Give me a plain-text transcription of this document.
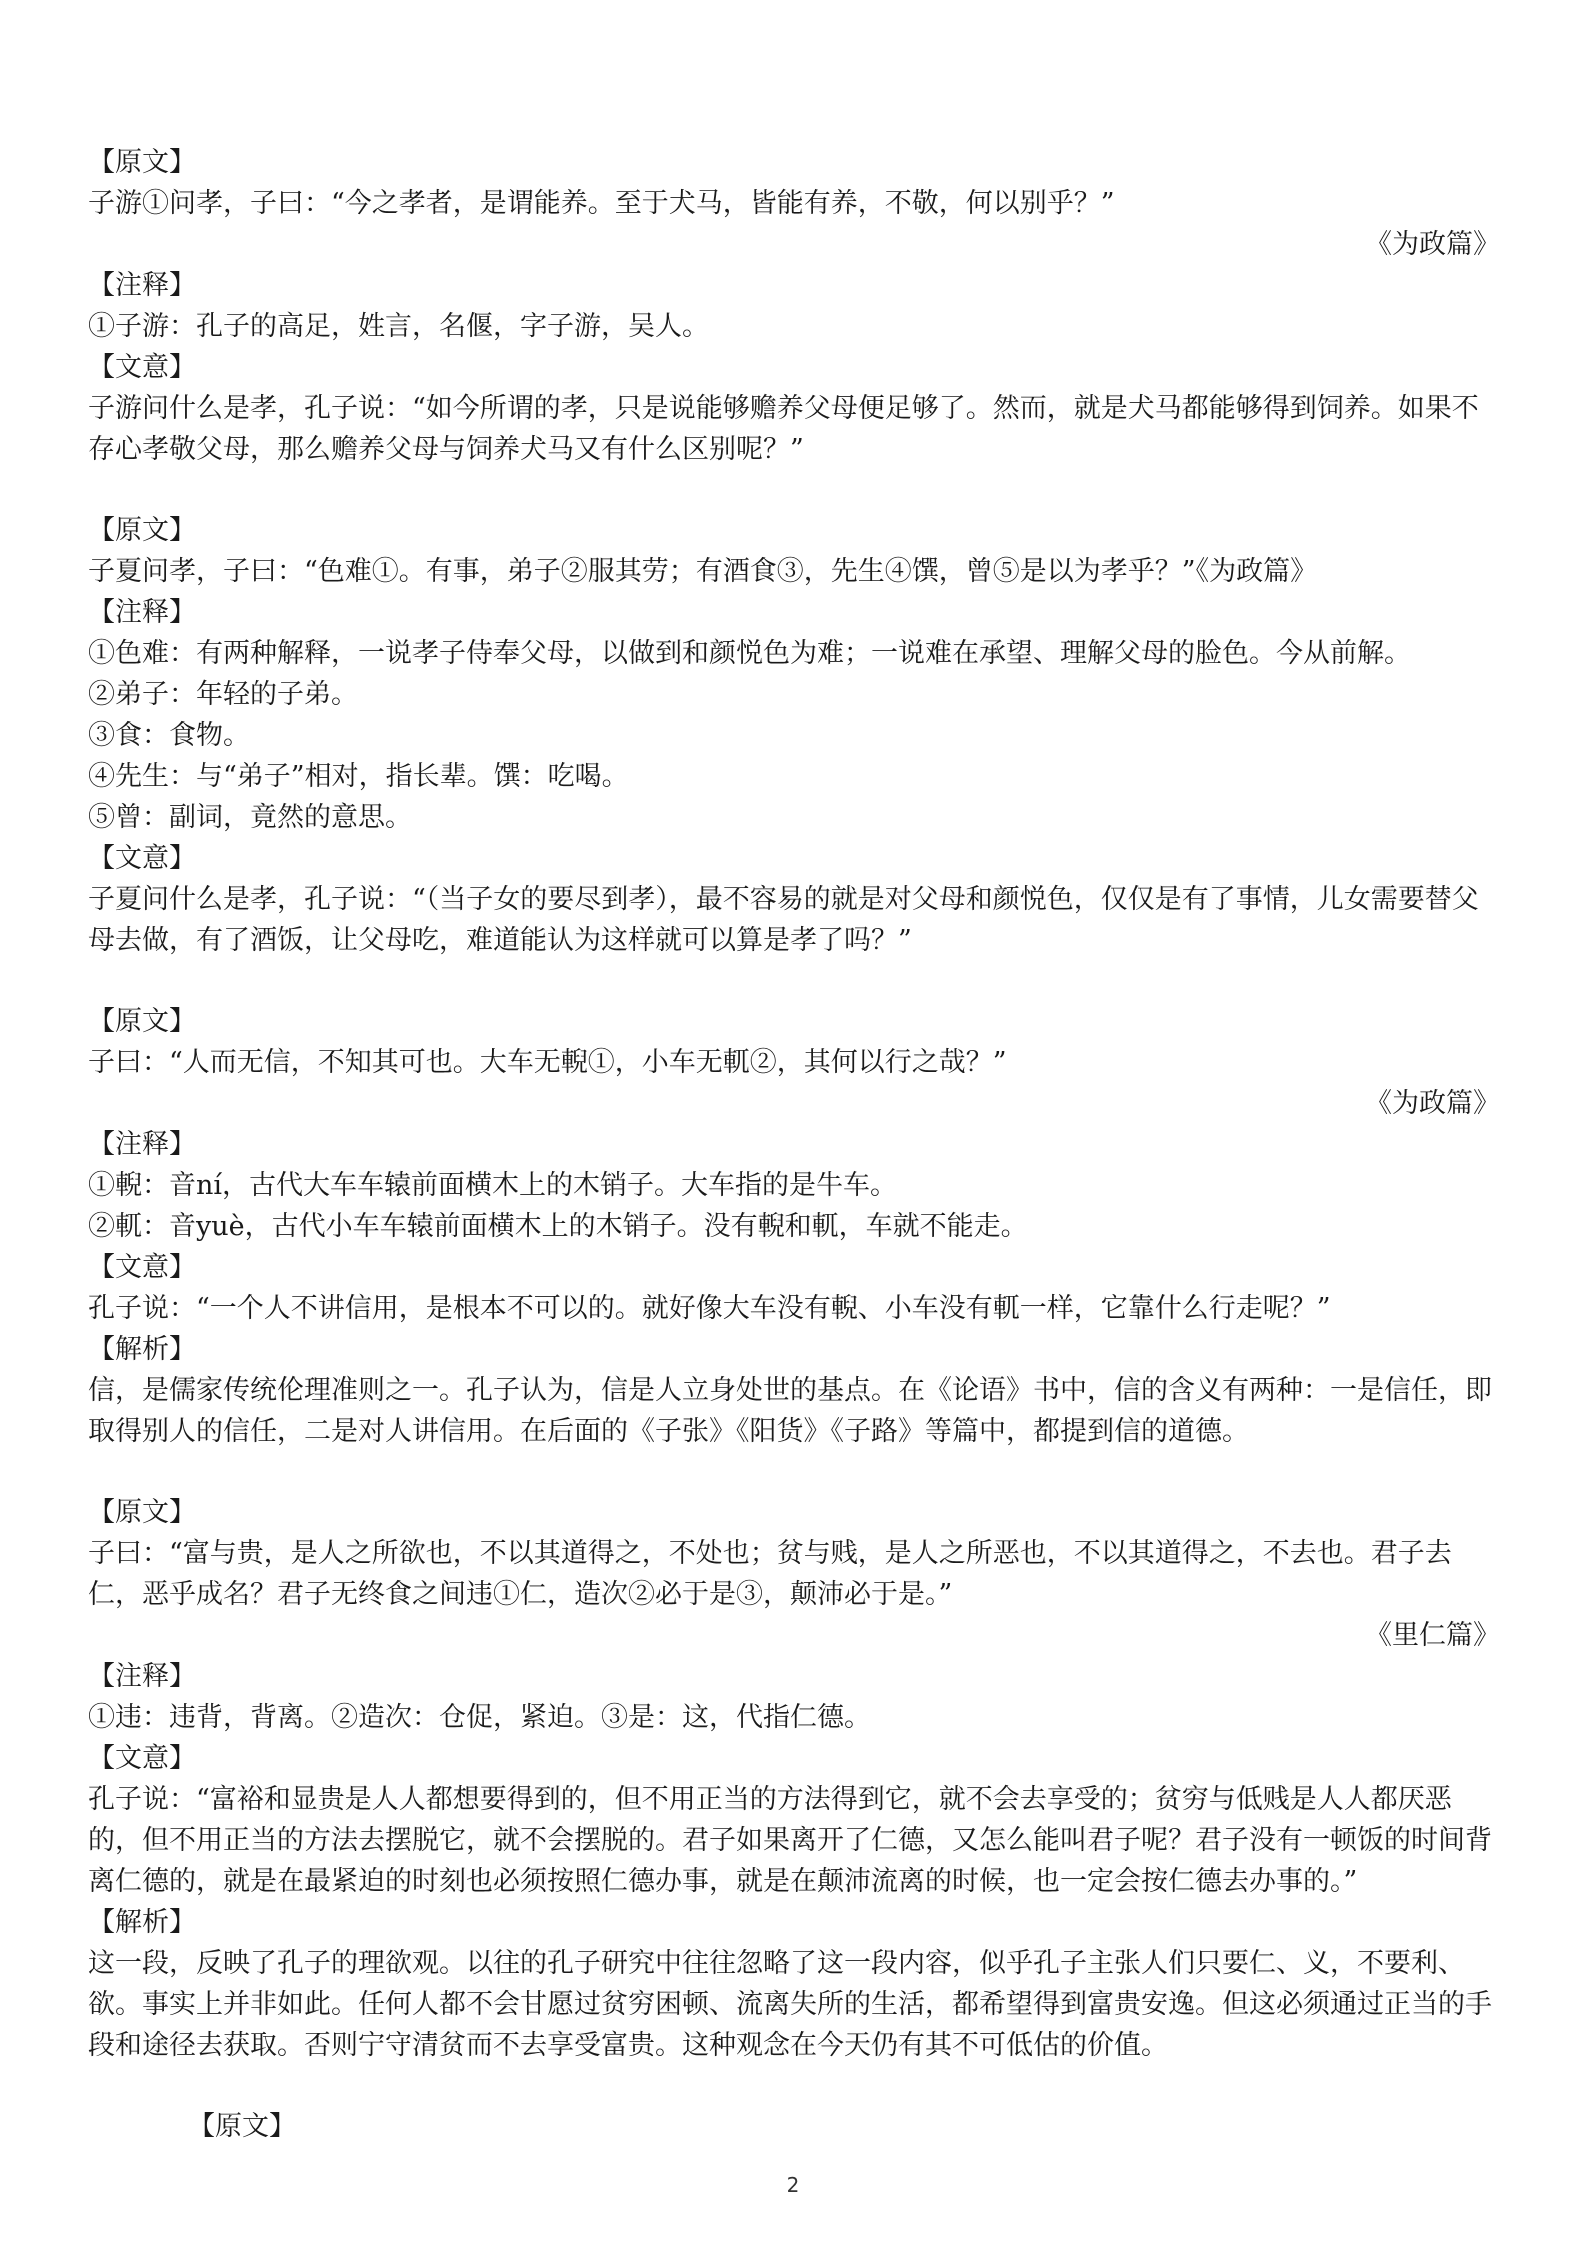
【原文】

子游①问孝，子曰：“今之孝者，是谓能养。至于犬马，皆能有养，不敬，何以别乎？”

《为政篇》

【注释】

①子游：孔子的高足，姓言，名偃，字子游，吴人。

【文意】

子游问什么是孝，孔子说：“如今所谓的孝，只是说能够赡养父母便足够了。然而，就是犬马都能够得到饲养。如果不存心孝敬父母，那么赡养父母与饲养犬马又有什么区别呢？”

【原文】

子夏问孝，子曰：“色难①。有事，弟子②服其劳；有酒食③，先生④馔，曾⑤是以为孝乎？”《为政篇》

【注释】

①色难：有两种解释，一说孝子侍奉父母，以做到和颜悦色为难；一说难在承望、理解父母的脸色。今从前解。

②弟子：年轻的子弟。

③食：食物。

④先生：与“弟子”相对，指长辈。馔：吃喝。

⑤曾：副词，竟然的意思。

【文意】

子夏问什么是孝，孔子说：“（当子女的要尽到孝），最不容易的就是对父母和颜悦色，仅仅是有了事情，儿女需要替父母去做，有了酒饭，让父母吃，难道能认为这样就可以算是孝了吗？”

【原文】

子曰：“人而无信，不知其可也。大车无輗①，小车无軏②，其何以行之哉？”

《为政篇》

【注释】

①輗：音ní，古代大车车辕前面横木上的木销子。大车指的是牛车。

②軏：音yuè，古代小车车辕前面横木上的木销子。没有輗和軏，车就不能走。

【文意】

孔子说：“一个人不讲信用，是根本不可以的。就好像大车没有輗、小车没有軏一样，它靠什么行走呢？”

【解析】

信，是儒家传统伦理准则之一。孔子认为，信是人立身处世的基点。在《论语》书中，信的含义有两种：一是信任，即取得别人的信任，二是对人讲信用。在后面的《子张》《阳货》《子路》等篇中，都提到信的道德。

【原文】

子曰：“富与贵，是人之所欲也，不以其道得之，不处也；贫与贱，是人之所恶也，不以其道得之，不去也。君子去仁，恶乎成名？君子无终食之间违①仁，造次②必于是③，颠沛必于是。”

《里仁篇》

【注释】

①违：违背，背离。②造次：仓促，紧迫。③是：这，代指仁德。

【文意】

孔子说：“富裕和显贵是人人都想要得到的，但不用正当的方法得到它，就不会去享受的；贫穷与低贱是人人都厌恶的，但不用正当的方法去摆脱它，就不会摆脱的。君子如果离开了仁德，又怎么能叫君子呢？君子没有一顿饭的时间背离仁德的，就是在最紧迫的时刻也必须按照仁德办事，就是在颠沛流离的时候，也一定会按仁德去办事的。”

【解析】

这一段，反映了孔子的理欲观。以往的孔子研究中往往忽略了这一段内容，似乎孔子主张人们只要仁、义，不要利、欲。事实上并非如此。任何人都不会甘愿过贫穷困顿、流离失所的生活，都希望得到富贵安逸。但这必须通过正当的手段和途径去获取。否则宁守清贫而不去享受富贵。这种观念在今天仍有其不可低估的价值。

【原文】

2
